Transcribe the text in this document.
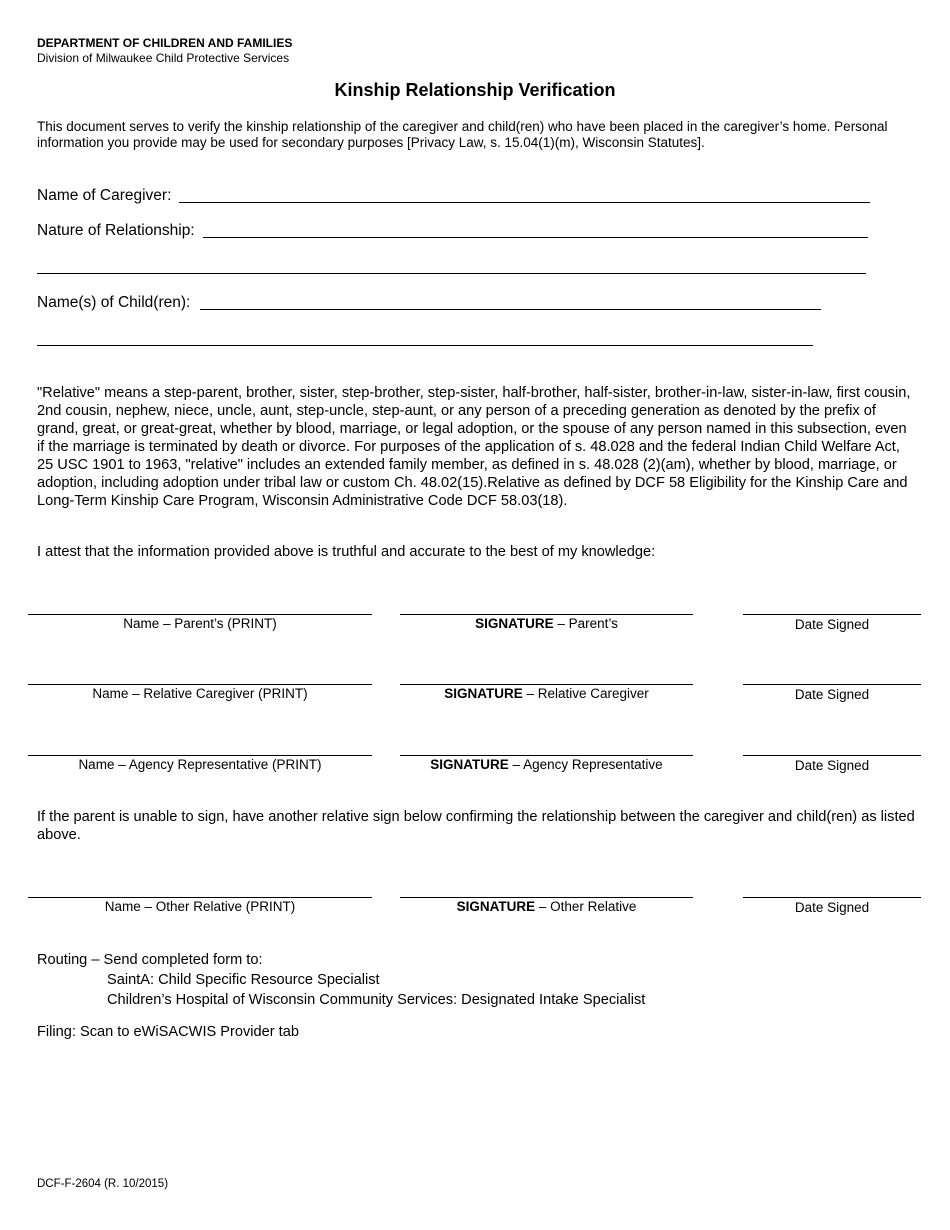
DEPARTMENT OF CHILDREN AND FAMILIES
Division of Milwaukee Child Protective Services
Kinship Relationship Verification
This document serves to verify the kinship relationship of the caregiver and child(ren) who have been placed in the caregiver’s home. Personal information you provide may be used for secondary purposes [Privacy Law, s. 15.04(1)(m), Wisconsin Statutes].
Name of Caregiver:
Nature of Relationship:
Name(s) of Child(ren):
"Relative" means a step-parent, brother, sister, step-brother, step-sister, half-brother, half-sister, brother-in-law, sister-in-law, first cousin, 2nd cousin, nephew, niece, uncle, aunt, step-uncle, step-aunt, or any person of a preceding generation as denoted by the prefix of grand, great, or great-great, whether by blood, marriage, or legal adoption, or the spouse of any person named in this subsection, even if the marriage is terminated by death or divorce. For purposes of the application of s. 48.028 and the federal Indian Child Welfare Act, 25 USC 1901 to 1963, "relative" includes an extended family member, as defined in s. 48.028 (2)(am), whether by blood, marriage, or adoption, including adoption under tribal law or custom Ch. 48.02(15).Relative as defined by DCF 58 Eligibility for the Kinship Care and Long-Term Kinship Care Program, Wisconsin Administrative Code DCF 58.03(18).
I attest that the information provided above is truthful and accurate to the best of my knowledge:
Name – Parent’s (PRINT)	SIGNATURE – Parent’s	Date Signed
Name – Relative Caregiver (PRINT)	SIGNATURE – Relative Caregiver	Date Signed
Name – Agency Representative (PRINT)	SIGNATURE – Agency Representative	Date Signed
If the parent is unable to sign, have another relative sign below confirming the relationship between the caregiver and child(ren) as listed above.
Name – Other Relative (PRINT)	SIGNATURE – Other Relative	Date Signed
Routing – Send completed form to:
SaintA: Child Specific Resource Specialist
Children’s Hospital of Wisconsin Community Services: Designated Intake Specialist
Filing: Scan to eWiSACWIS Provider tab
DCF-F-2604 (R. 10/2015)
